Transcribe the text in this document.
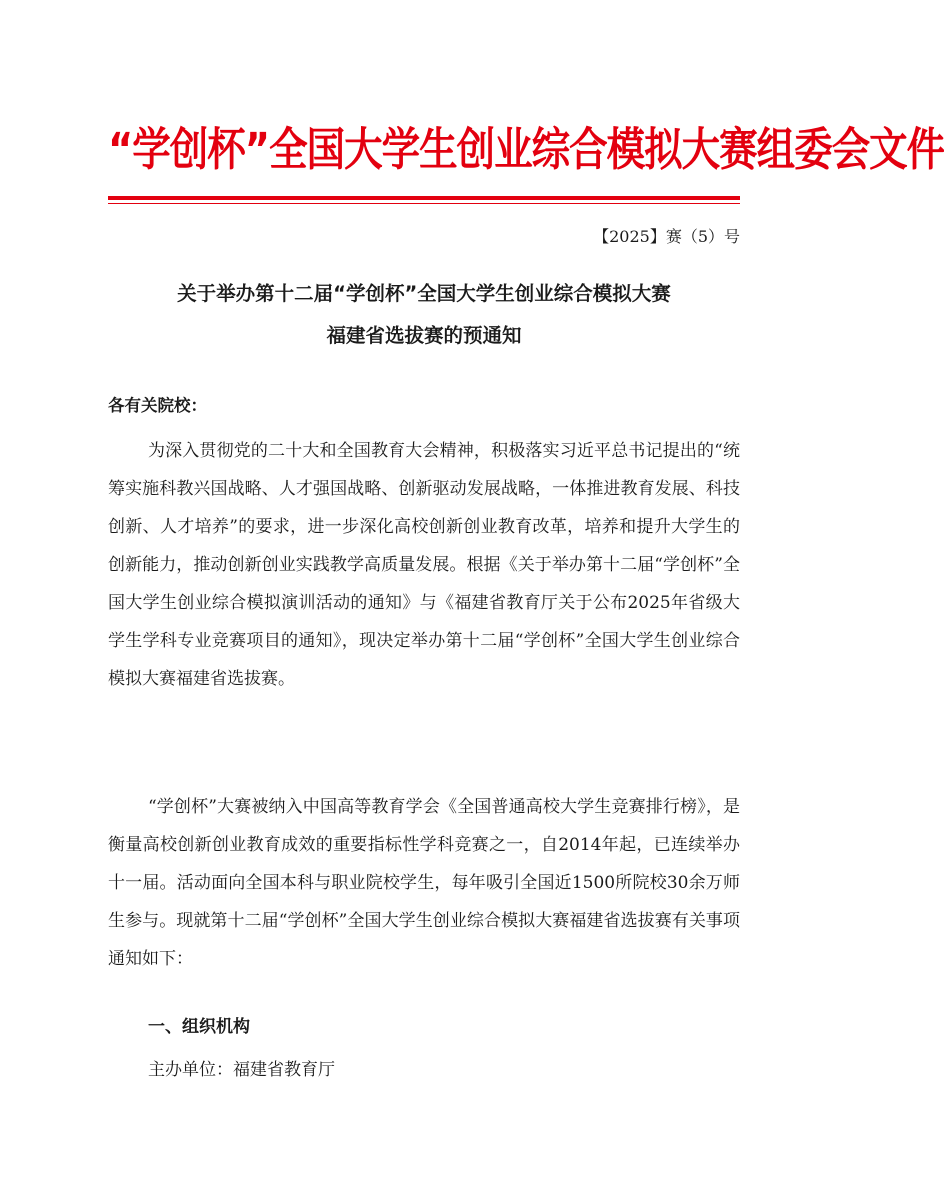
“学创杯”全国大学生创业综合模拟大赛组委会文件
【2025】赛（5）号
关于举办第十二届“学创杯”全国大学生创业综合模拟大赛
福建省选拔赛的预通知
各有关院校：
为深入贯彻党的二十大和全国教育大会精神，积极落实习近平总书记提出的“统筹实施科教兴国战略、人才强国战略、创新驱动发展战略，一体推进教育发展、科技创新、人才培养”的要求，进一步深化高校创新创业教育改革，培养和提升大学生的创新能力，推动创新创业实践教学高质量发展。根据《关于举办第十二届“学创杯”全国大学生创业综合模拟演训活动的通知》与《福建省教育厅关于公布2025年省级大学生学科专业竞赛项目的通知》，现决定举办第十二届“学创杯”全国大学生创业综合模拟大赛福建省选拔赛。
“学创杯”大赛被纳入中国高等教育学会《全国普通高校大学生竞赛排行榜》，是衡量高校创新创业教育成效的重要指标性学科竞赛之一，自2014年起，已连续举办十一届。活动面向全国本科与职业院校学生，每年吸引全国近1500所院校30余万师生参与。现就第十二届“学创杯”全国大学生创业综合模拟大赛福建省选拔赛有关事项通知如下：
一、组织机构
主办单位：福建省教育厅
